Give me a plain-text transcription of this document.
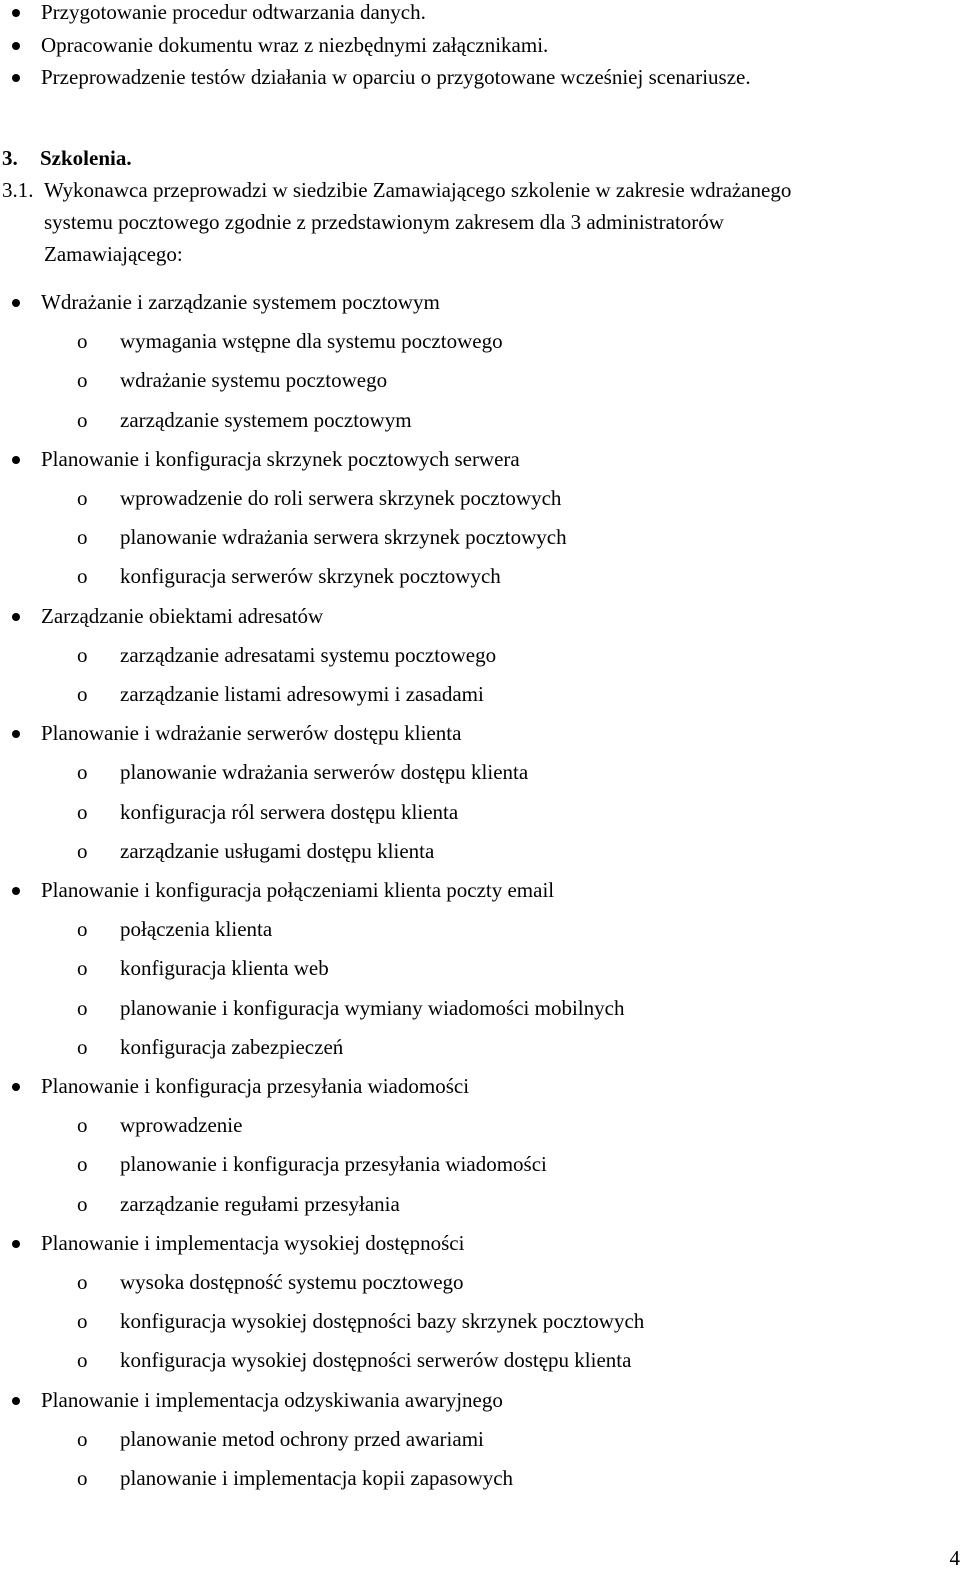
Przygotowanie procedur odtwarzania danych.
Opracowanie dokumentu wraz z niezbędnymi załącznikami.
Przeprowadzenie testów działania w oparciu o przygotowane wcześniej scenariusze.
3. Szkolenia.
3.1. Wykonawca przeprowadzi w siedzibie Zamawiającego szkolenie w zakresie wdrażanego
systemu pocztowego zgodnie z przedstawionym zakresem dla 3 administratorów
Zamawiającego:
Wdrażanie i zarządzanie systemem pocztowym
o wymagania wstępne dla systemu pocztowego
o wdrażanie systemu pocztowego
o zarządzanie systemem pocztowym
Planowanie i konfiguracja skrzynek pocztowych serwera
o wprowadzenie do roli serwera skrzynek pocztowych
o planowanie wdrażania serwera skrzynek pocztowych
o konfiguracja serwerów skrzynek pocztowych
Zarządzanie obiektami adresatów
o zarządzanie adresatami systemu pocztowego
o zarządzanie listami adresowymi i zasadami
Planowanie i wdrażanie serwerów dostępu klienta
o planowanie wdrażania serwerów dostępu klienta
o konfiguracja ról serwera dostępu klienta
o zarządzanie usługami dostępu klienta
Planowanie i konfiguracja połączeniami klienta poczty email
o połączenia klienta
o konfiguracja klienta web
o planowanie i konfiguracja wymiany wiadomości mobilnych
o konfiguracja zabezpieczeń
Planowanie i konfiguracja przesyłania wiadomości
o wprowadzenie
o planowanie i konfiguracja przesyłania wiadomości
o zarządzanie regułami przesyłania
Planowanie i implementacja wysokiej dostępności
o wysoka dostępność systemu pocztowego
o konfiguracja wysokiej dostępności bazy skrzynek pocztowych
o konfiguracja wysokiej dostępności serwerów dostępu klienta
Planowanie i implementacja odzyskiwania awaryjnego
o planowanie metod ochrony przed awariami
o planowanie i implementacja kopii zapasowych
4
